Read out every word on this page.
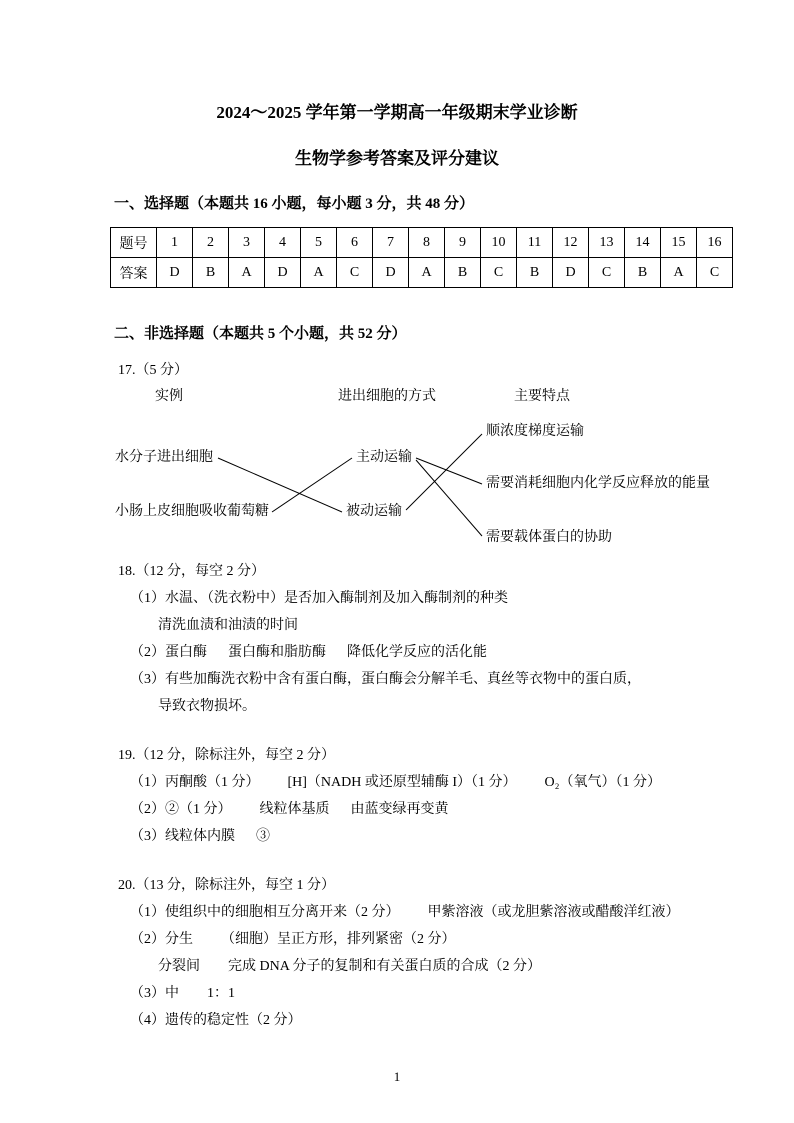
2024～2025 学年第一学期高一年级期末学业诊断
生物学参考答案及评分建议
一、选择题（本题共 16 小题，每小题 3 分，共 48 分）
题号	1	2	3	4	5	6	7	8	9	10	11	12	13	14	15	16
答案	D	B	A	D	A	C	D	A	B	C	B	D	C	B	A	C
二、非选择题（本题共 5 个小题，共 52 分）
17.（5 分）
实例	进出细胞的方式	主要特点
顺浓度梯度运输
水分子进出细胞	主动运输
需要消耗细胞内化学反应释放的能量
小肠上皮细胞吸收葡萄糖	被动运输
需要载体蛋白的协助
18.（12 分，每空 2 分）
（1）水温、（洗衣粉中）是否加入酶制剂及加入酶制剂的种类
清洗血渍和油渍的时间
（2）蛋白酶      蛋白酶和脂肪酶      降低化学反应的活化能
（3）有些加酶洗衣粉中含有蛋白酶，蛋白酶会分解羊毛、真丝等衣物中的蛋白质，
导致衣物损坏。
19.（12 分，除标注外，每空 2 分）
（1）丙酮酸（1 分）        [H]（NADH 或还原型辅酶 I）（1 分）        O₂（氧气）（1 分）
（2）②（1 分）        线粒体基质      由蓝变绿再变黄
（3）线粒体内膜      ③
20.（13 分，除标注外，每空 1 分）
（1）使组织中的细胞相互分离开来（2 分）        甲紫溶液（或龙胆紫溶液或醋酸洋红液）
（2）分生        （细胞）呈正方形，排列紧密（2 分）
分裂间        完成 DNA 分子的复制和有关蛋白质的合成（2 分）
（3）中        1：1
（4）遗传的稳定性（2 分）
1
